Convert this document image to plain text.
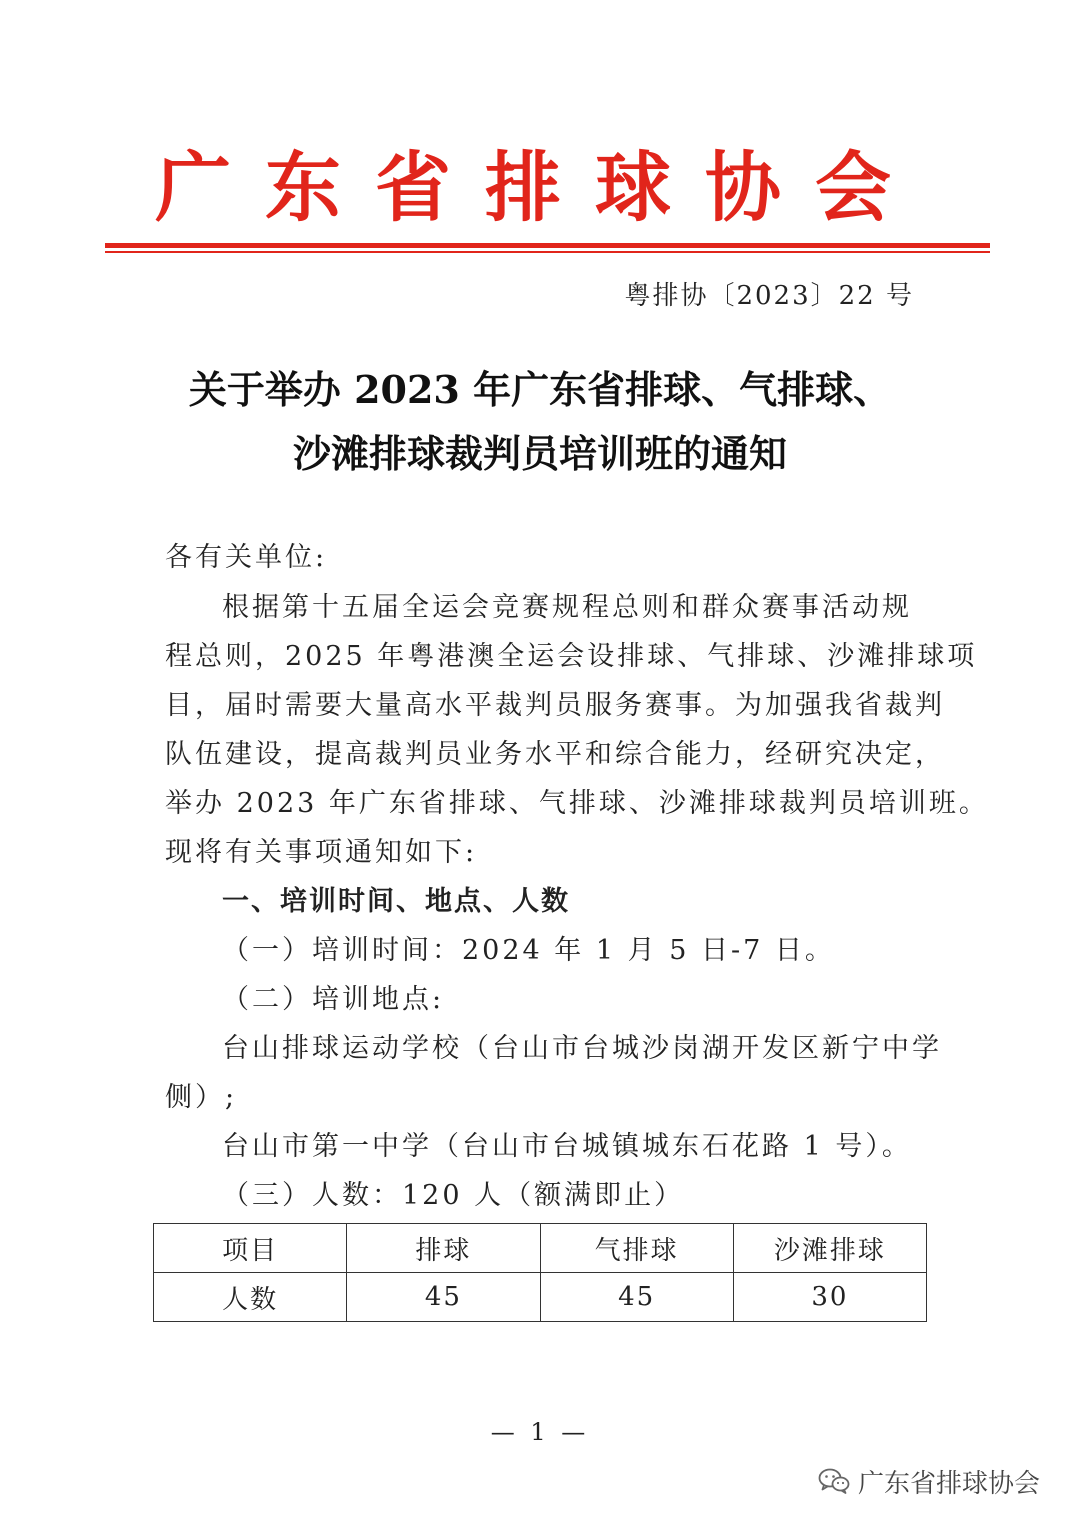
广东省排球协会
粤排协〔2023〕22 号
关于举办 2023 年广东省排球、气排球、
沙滩排球裁判员培训班的通知
各有关单位:
根据第十五届全运会竞赛规程总则和群众赛事活动规
程总则，2025 年粤港澳全运会设排球、气排球、沙滩排球项
目，届时需要大量高水平裁判员服务赛事。为加强我省裁判
队伍建设，提高裁判员业务水平和综合能力，经研究决定，
举办 2023 年广东省排球、气排球、沙滩排球裁判员培训班。
现将有关事项通知如下:
一、培训时间、地点、人数
（一）培训时间：2024 年 1 月 5 日-7 日。
（二）培训地点:
台山排球运动学校（台山市台城沙岗湖开发区新宁中学
侧）;
台山市第一中学（台山市台城镇城东石花路 1 号）。
（三）人数：120 人（额满即止）
项目	排球	气排球	沙滩排球
人数	45	45	30
— 1 —
广东省排球协会
